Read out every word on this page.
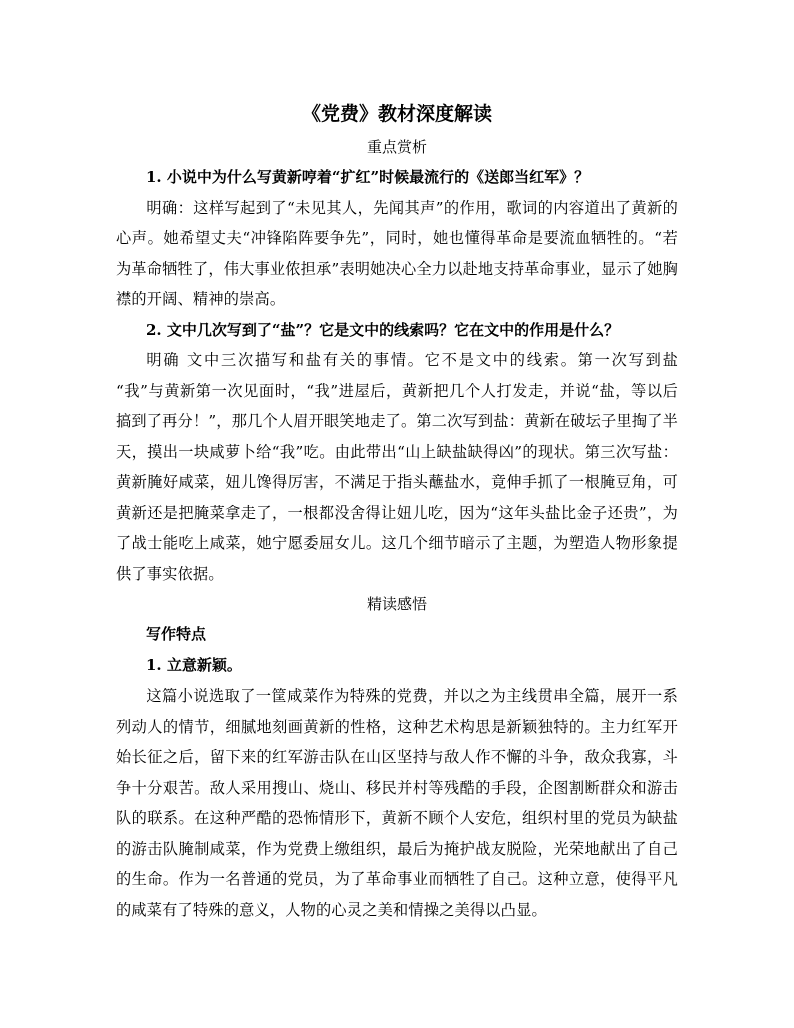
《党费》教材深度解读
重点赏析

1. 小说中为什么写黄新哼着“扩红”时候最流行的《送郎当红军》？

明确：这样写起到了“未见其人，先闻其声”的作用，歌词的内容道出了黄新的心声。她希望丈夫“冲锋陷阵要争先”，同时，她也懂得革命是要流血牺牲的。“若为革命牺牲了，伟大事业侬担承”表明她决心全力以赴地支持革命事业，显示了她胸襟的开阔、精神的崇高。

2. 文中几次写到了“盐”？它是文中的线索吗？它在文中的作用是什么？

明确 文中三次描写和盐有关的事情。它不是文中的线索。第一次写到盐 “我”与黄新第一次见面时，“我”进屋后，黄新把几个人打发走，并说“盐，等以后搞到了再分！”，那几个人眉开眼笑地走了。第二次写到盐：黄新在破坛子里掏了半天，摸出一块咸萝卜给“我”吃。由此带出“山上缺盐缺得凶”的现状。第三次写盐：黄新腌好咸菜，妞儿馋得厉害，不满足于指头蘸盐水，竟伸手抓了一根腌豆角，可黄新还是把腌菜拿走了，一根都没舍得让妞儿吃，因为“这年头盐比金子还贵”，为了战士能吃上咸菜，她宁愿委屈女儿。这几个细节暗示了主题，为塑造人物形象提供了事实依据。

精读感悟

写作特点

1. 立意新颖。

这篇小说选取了一筐咸菜作为特殊的党费，并以之为主线贯串全篇，展开一系列动人的情节，细腻地刻画黄新的性格，这种艺术构思是新颖独特的。主力红军开始长征之后，留下来的红军游击队在山区坚持与敌人作不懈的斗争，敌众我寡，斗争十分艰苦。敌人采用搜山、烧山、移民并村等残酷的手段，企图割断群众和游击队的联系。在这种严酷的恐怖情形下，黄新不顾个人安危，组织村里的党员为缺盐的游击队腌制咸菜，作为党费上缴组织，最后为掩护战友脱险，光荣地献出了自己的生命。作为一名普通的党员，为了革命事业而牺牲了自己。这种立意，使得平凡的咸菜有了特殊的意义，人物的心灵之美和情操之美得以凸显。
